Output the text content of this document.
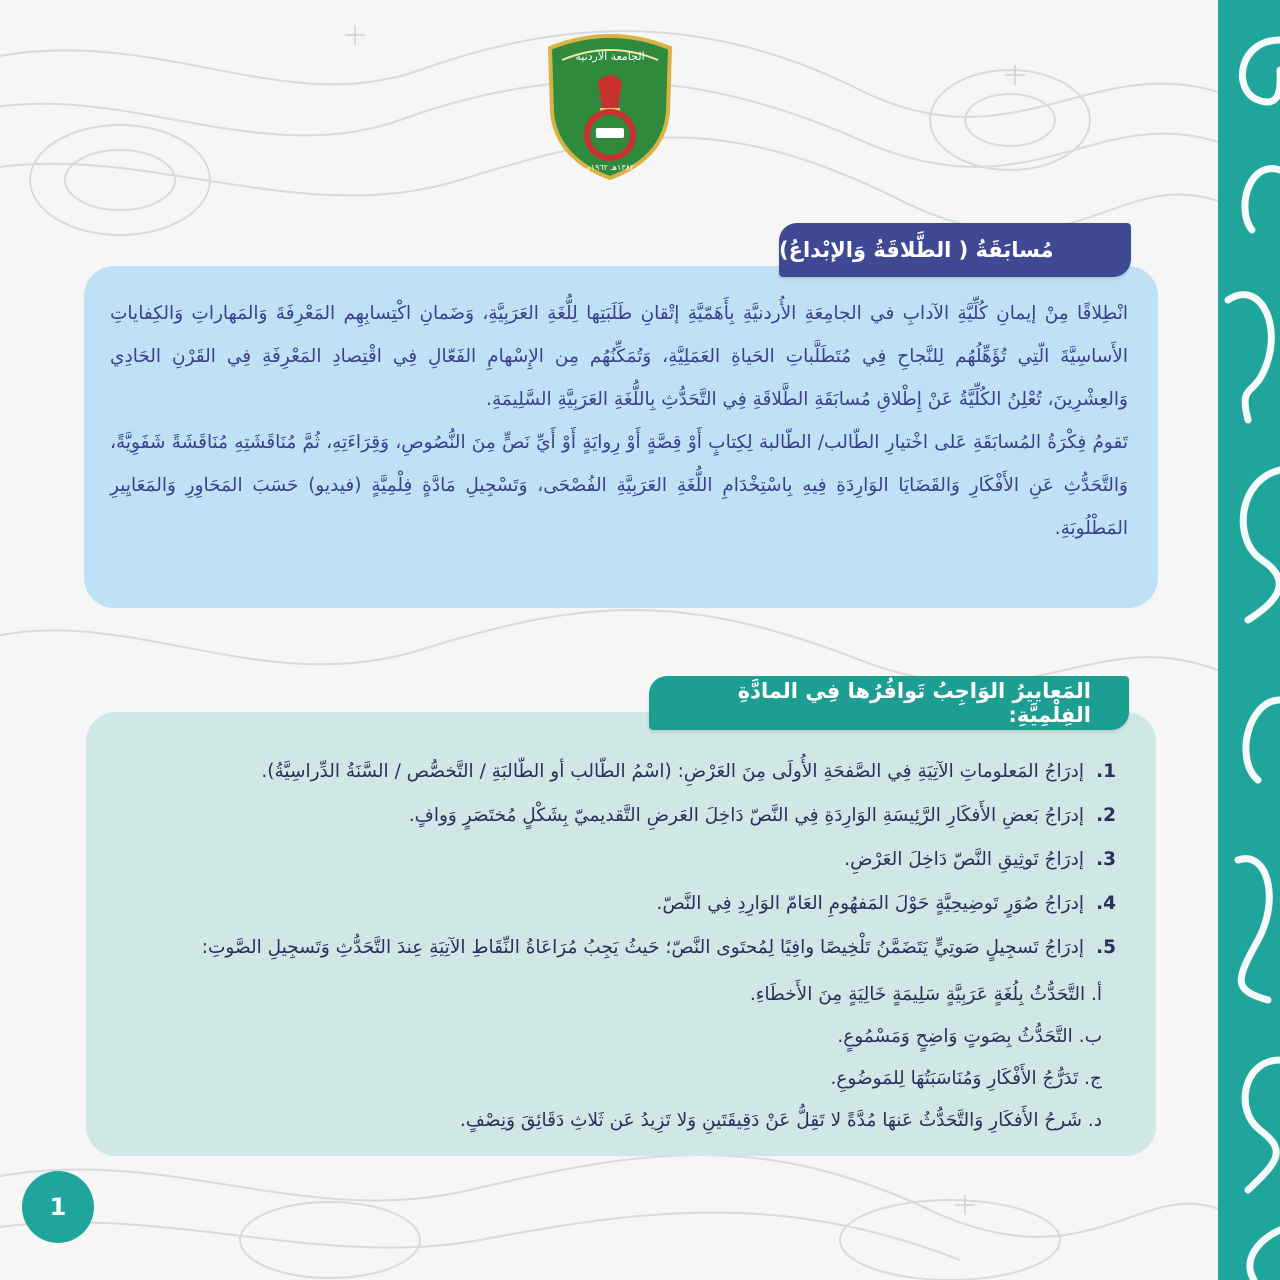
الجامعة الأردنية
١٣٨٢هـ ١٩٦٢م
مُسابَقَةُ ( الطَّلاقَةُ وَالإبْداعُ)

انْطِلاقًا مِنْ إيمانِ كُلِّيَّةِ الآدابِ في الجامِعَةِ الأُردنيَّةِ بِأَهَمّيَّةِ إتْقانِ طَلَبَتِها لِلُّغَةِ العَرَبِيَّةِ، وَضَمانِ اكْتِسابِهِم المَعْرِفَةَ وَالمَهاراتِ وَالكِفاياتِ الأَساسِيَّةَ الّتِي تُؤَهِّلُهُم لِلنَّجاحِ فِي مُتَطَلَّباتِ الحَياةِ العَمَلِيَّةِ، وَتُمَكِّنُهُم مِن الإِسْهامِ الفَعّالِ فِي اقْتِصادِ المَعْرِفَةِ فِي القَرْنِ الحَادِي وَالعِشْرِينَ، تُعْلِنُ الكُلِّيَّةُ عَنْ إِطْلاقِ مُسابَقَةِ الطَّلاقَةِ فِي التَّحَدُّثِ بِاللُّغَةِ العَرَبِيَّةِ السَّلِيمَةِ.

تَقومُ فِكْرَةُ المُسابَقَةِ عَلى اخْتيارِ الطّالب/ الطّالبة لِكِتابٍ أَوْ قِصَّةٍ أَوْ رِوايَةٍ أَوْ أَيِّ نَصٍّ مِنَ النُّصُوصِ، وَقِرَاءَتِهِ، ثُمَّ مُنَاقَشَتِهِ مُنَاقَشَةً شَفَوِيَّةً، وَالتَّحَدُّثِ عَنِ الأَفْكَارِ وَالقَضَايَا الوَارِدَةِ فِيهِ بِاسْتِخْدَامِ اللُّغَةِ العَرَبِيَّةِ الفُصْحَى، وَتَسْجِيلِ مَادَّةٍ فِلْمِيَّةٍ (فيديو) حَسَبَ المَحَاوِرِ وَالمَعَايِيرِ المَطْلُوبَةِ.

المَعاييرُ الوَاجِبُ تَوافُرُها فِي المادَّةِ الفِلْمِيَّةِ:
1.
إدرَاجُ المَعلوماتِ الآتِيَةِ فِي الصَّفحَةِ الأُولَى مِنَ العَرْضِ: (اسْمُ الطّالب أو الطّالبَةِ / التَّخصُّص / السَّنَةُ الدِّراسِيَّةُ).
2.
إدرَاجُ بَعضِ الأَفكَارِ الرَّئِيسَةِ الوَارِدَةِ فِي النَّصّ دَاخِلَ العَرضِ التَّقديميّ بِشَكْلٍ مُختَصَرٍ وَوافٍ.
3.
إدرَاجُ تَوثِيقِ النَّصّ دَاخِلَ العَرْضِ.
4.
إدرَاجُ صُوَرٍ تَوضِيحِيَّةٍ حَوْلَ المَفهُومِ العَامّ الوَارِدِ فِي النَّصّ.
5.
إدرَاجُ تَسجِيلٍ صَوتِيٍّ يَتَضَمَّنُ تَلْخِيصًا وافِيًا لِمُحتَوى النَّصّ؛ حَيثُ يَجِبُ مُرَاعَاةُ النِّقَاطِ الآتِيَةِ عِندَ التَّحَدُّثِ وَتَسجِيلِ الصَّوتِ:
أ. التَّحَدُّثُ بِلُغَةٍ عَرَبِيَّةٍ سَلِيمَةٍ خَالِيَةٍ مِنَ الأَخطَاءِ.
ب. التَّحَدُّثُ بِصَوتٍ وَاضِحٍ وَمَسْمُوعٍ.
ج. تَدَرُّجُ الأَفْكَارِ وَمُنَاسَبَتُهَا لِلمَوضُوعِ.
د. شَرحُ الأَفكَارِ وَالتَّحَدُّثُ عَنهَا مُدَّةً لا تَقِلُّ عَنْ دَقِيقَتَينِ وَلا تَزِيدُ عَن ثَلاثِ دَقَائِقَ وَنِصْفٍ.
1
